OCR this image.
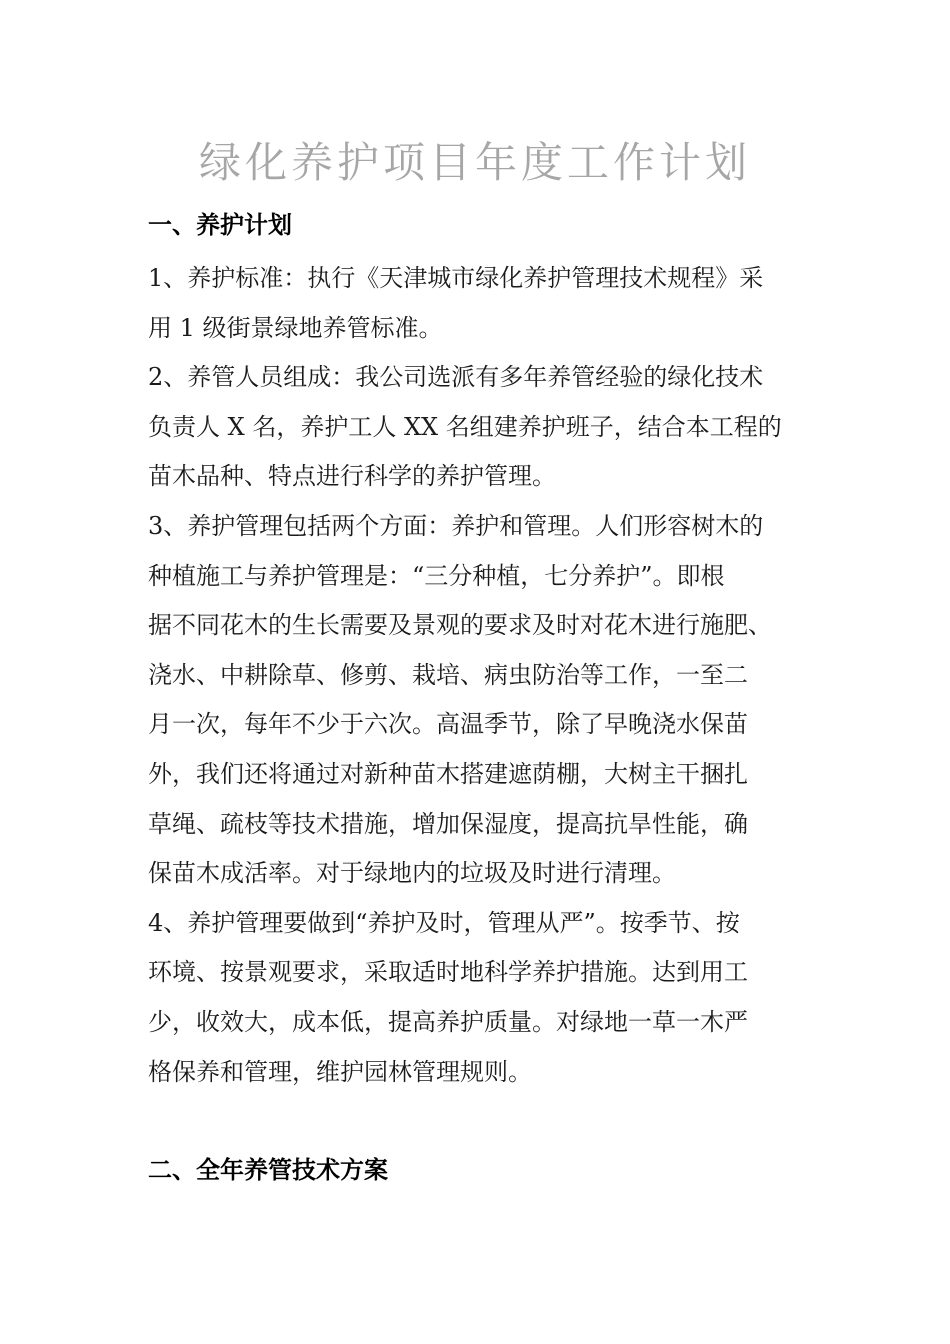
绿化养护项目年度工作计划
一、养护计划
1、养护标准：执行《天津城市绿化养护管理技术规程》采
用 1 级街景绿地养管标准。
2、养管人员组成：我公司选派有多年养管经验的绿化技术
负责人 X 名，养护工人 XX 名组建养护班子，结合本工程的
苗木品种、特点进行科学的养护管理。
3、养护管理包括两个方面：养护和管理。人们形容树木的
种植施工与养护管理是：“三分种植，七分养护”。即根
据不同花木的生长需要及景观的要求及时对花木进行施肥、
浇水、中耕除草、修剪、栽培、病虫防治等工作，一至二
月一次，每年不少于六次。高温季节，除了早晚浇水保苗
外，我们还将通过对新种苗木搭建遮荫棚，大树主干捆扎
草绳、疏枝等技术措施，增加保湿度，提高抗旱性能，确
保苗木成活率。对于绿地内的垃圾及时进行清理。
4、养护管理要做到“养护及时，管理从严”。按季节、按
环境、按景观要求，采取适时地科学养护措施。达到用工
少，收效大，成本低，提高养护质量。对绿地一草一木严
格保养和管理，维护园林管理规则。
二、全年养管技术方案
